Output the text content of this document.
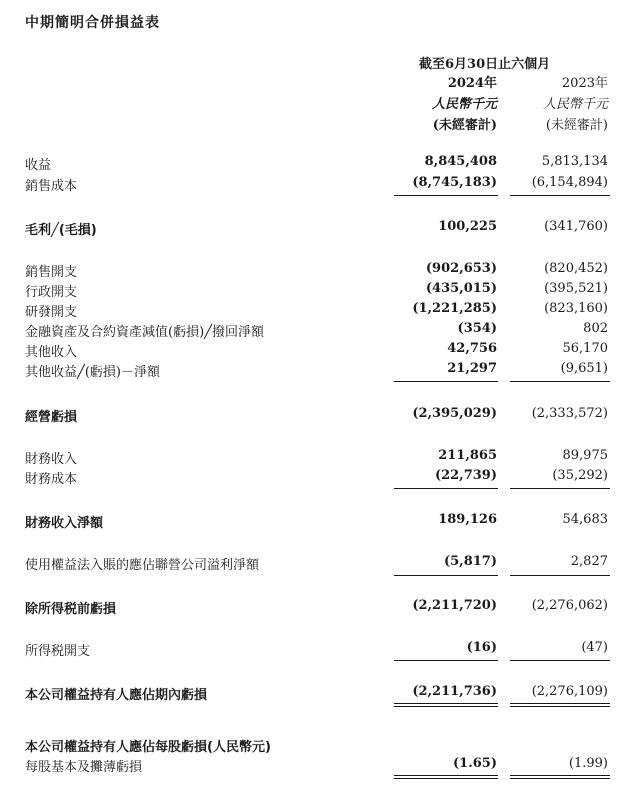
中期簡明合併損益表
截至6月30日止六個月
2024年	2023年
人民幣千元	人民幣千元
(未經審計)	(未經審計)
收益	8,845,408	5,813,134
銷售成本	(8,745,183)	(6,154,894)
毛利╱(毛損)	100,225	(341,760)
銷售開支	(902,653)	(820,452)
行政開支	(435,015)	(395,521)
研發開支	(1,221,285)	(823,160)
金融資產及合約資產減值(虧損)╱撥回淨額	(354)	802
其他收入	42,756	56,170
其他收益╱(虧損)－淨額	21,297	(9,651)
經營虧損	(2,395,029)	(2,333,572)
財務收入	211,865	89,975
財務成本	(22,739)	(35,292)
財務收入淨額	189,126	54,683
使用權益法入賬的應佔聯營公司溢利淨額	(5,817)	2,827
除所得税前虧損	(2,211,720)	(2,276,062)
所得税開支	(16)	(47)
本公司權益持有人應佔期內虧損	(2,211,736)	(2,276,109)
本公司權益持有人應佔每股虧損(人民幣元)
每股基本及攤薄虧損	(1.65)	(1.99)
